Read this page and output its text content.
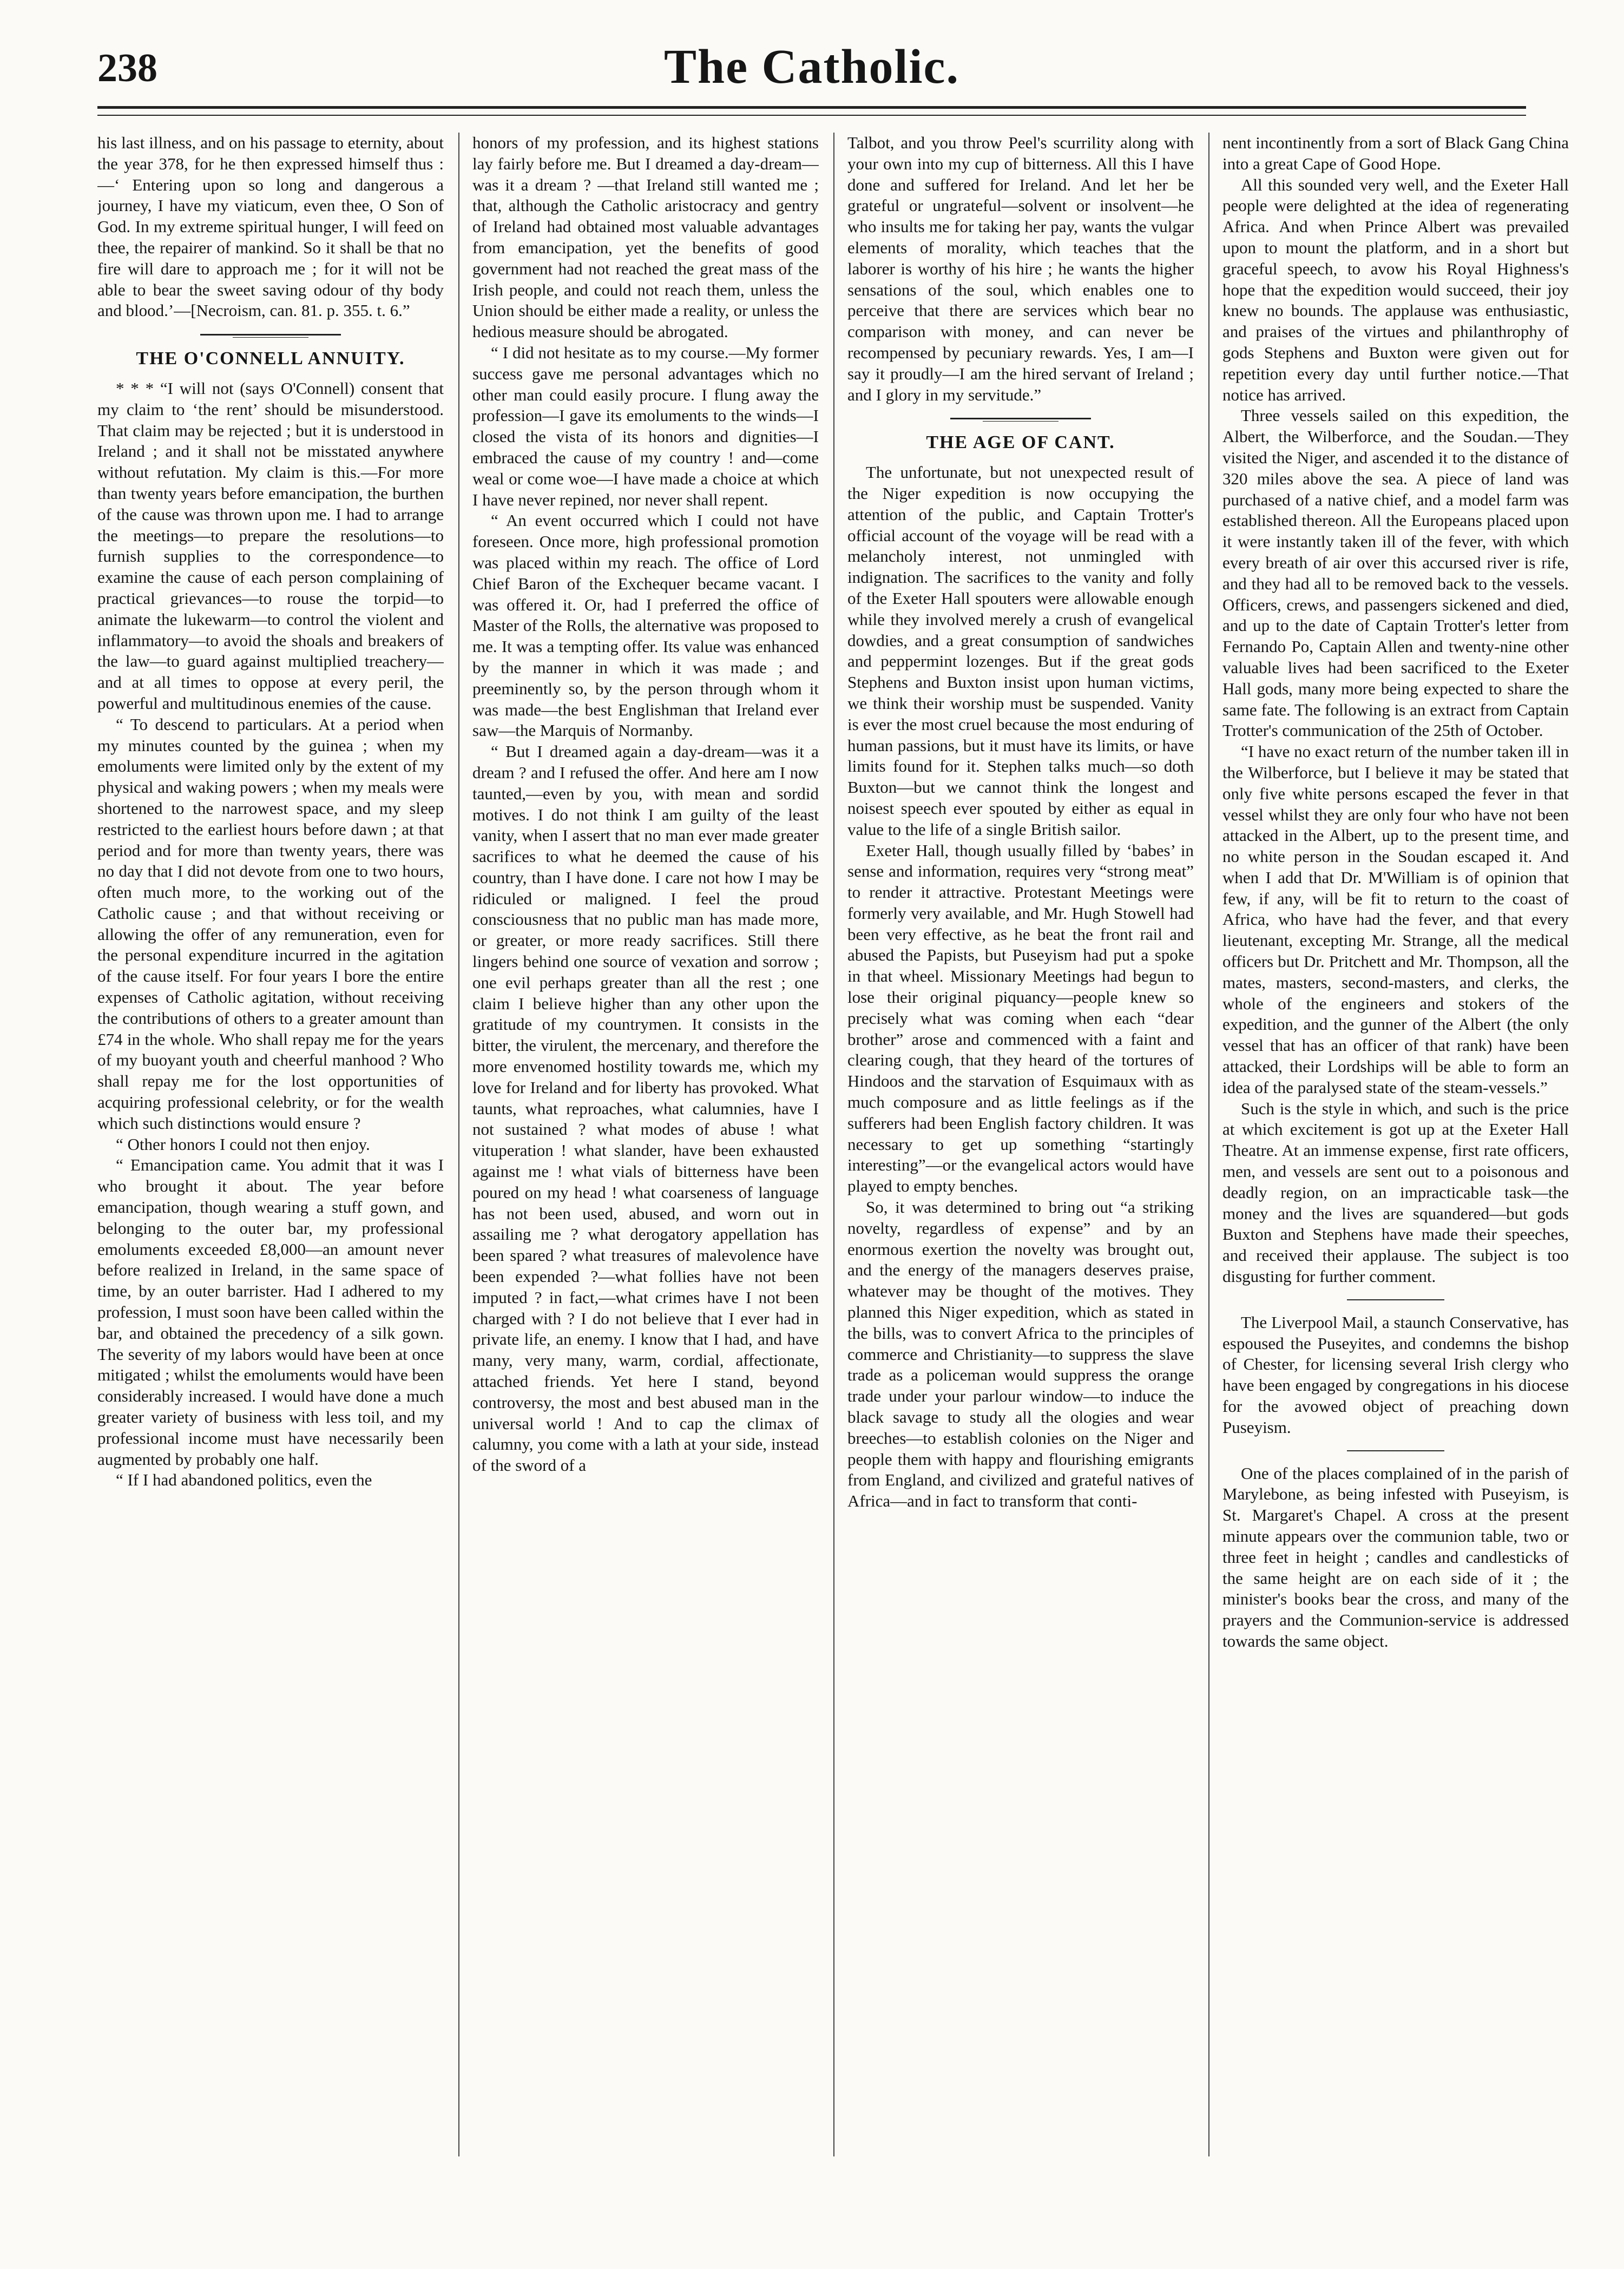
238	The Catholic.

his last illness, and on his passage to eternity, about the year 378, for he then expressed himself thus :—‘ Entering upon so long and dangerous a journey, I have my viaticum, even thee, O Son of God. In my extreme spiritual hunger, I will feed on thee, the repairer of mankind. So it shall be that no fire will dare to approach me ; for it will not be able to bear the sweet saving odour of thy body and blood.’—[Necroism, can. 81. p. 355. t. 6.”

THE O'CONNELL ANNUITY.

* * * “I will not (says O'Connell) consent that my claim to ‘the rent’ should be misunderstood. That claim may be rejected ; but it is understood in Ireland ; and it shall not be misstated anywhere without refutation. My claim is this.—For more than twenty years before emancipation, the burthen of the cause was thrown upon me. I had to arrange the meetings—to prepare the resolutions—to furnish supplies to the correspondence—to examine the cause of each person complaining of practical grievances—to rouse the torpid—to animate the lukewarm—to control the violent and inflammatory—to avoid the shoals and breakers of the law—to guard against multiplied treachery—and at all times to oppose at every peril, the powerful and multitudinous enemies of the cause.

“ To descend to particulars. At a period when my minutes counted by the guinea ; when my emoluments were limited only by the extent of my physical and waking powers ; when my meals were shortened to the narrowest space, and my sleep restricted to the earliest hours before dawn ; at that period and for more than twenty years, there was no day that I did not devote from one to two hours, often much more, to the working out of the Catholic cause ; and that without receiving or allowing the offer of any remuneration, even for the personal expenditure incurred in the agitation of the cause itself. For four years I bore the entire expenses of Catholic agitation, without receiving the contributions of others to a greater amount than £74 in the whole. Who shall repay me for the years of my buoyant youth and cheerful manhood ? Who shall repay me for the lost opportunities of acquiring professional celebrity, or for the wealth which such distinctions would ensure ?

“ Other honors I could not then enjoy.

“ Emancipation came. You admit that it was I who brought it about. The year before emancipation, though wearing a stuff gown, and belonging to the outer bar, my professional emoluments exceeded £8,000—an amount never before realized in Ireland, in the same space of time, by an outer barrister. Had I adhered to my profession, I must soon have been called within the bar, and obtained the precedency of a silk gown. The severity of my labors would have been at once mitigated ; whilst the emoluments would have been considerably increased. I would have done a much greater variety of business with less toil, and my professional income must have necessarily been augmented by probably one half.

“ If I had abandoned politics, even the

honors of my profession, and its highest stations lay fairly before me. But I dreamed a day-dream—was it a dream ? —that Ireland still wanted me ; that, although the Catholic aristocracy and gentry of Ireland had obtained most valuable advantages from emancipation, yet the benefits of good government had not reached the great mass of the Irish people, and could not reach them, unless the Union should be either made a reality, or unless the hedious measure should be abrogated.

“ I did not hesitate as to my course.—My former success gave me personal advantages which no other man could easily procure. I flung away the profession—I gave its emoluments to the winds—I closed the vista of its honors and dignities—I embraced the cause of my country ! and—come weal or come woe—I have made a choice at which I have never repined, nor never shall repent.

“ An event occurred which I could not have foreseen. Once more, high professional promotion was placed within my reach. The office of Lord Chief Baron of the Exchequer became vacant. I was offered it. Or, had I preferred the office of Master of the Rolls, the alternative was proposed to me. It was a tempting offer. Its value was enhanced by the manner in which it was made ; and preeminently so, by the person through whom it was made—the best Englishman that Ireland ever saw—the Marquis of Normanby.

“ But I dreamed again a day-dream—was it a dream ? and I refused the offer. And here am I now taunted,—even by you, with mean and sordid motives. I do not think I am guilty of the least vanity, when I assert that no man ever made greater sacrifices to what he deemed the cause of his country, than I have done. I care not how I may be ridiculed or maligned. I feel the proud consciousness that no public man has made more, or greater, or more ready sacrifices. Still there lingers behind one source of vexation and sorrow ; one evil perhaps greater than all the rest ; one claim I believe higher than any other upon the gratitude of my countrymen. It consists in the bitter, the virulent, the mercenary, and therefore the more envenomed hostility towards me, which my love for Ireland and for liberty has provoked. What taunts, what reproaches, what calumnies, have I not sustained ? what modes of abuse ! what vituperation ! what slander, have been exhausted against me ! what vials of bitterness have been poured on my head ! what coarseness of language has not been used, abused, and worn out in assailing me ? what derogatory appellation has been spared ? what treasures of malevolence have been expended ?—what follies have not been imputed ? in fact,—what crimes have I not been charged with ? I do not believe that I ever had in private life, an enemy. I know that I had, and have many, very many, warm, cordial, affectionate, attached friends. Yet here I stand, beyond controversy, the most and best abused man in the universal world ! And to cap the climax of calumny, you come with a lath at your side, instead of the sword of a

Talbot, and you throw Peel's scurrility along with your own into my cup of bitterness. All this I have done and suffered for Ireland. And let her be grateful or ungrateful—solvent or insolvent—he who insults me for taking her pay, wants the vulgar elements of morality, which teaches that the laborer is worthy of his hire ; he wants the higher sensations of the soul, which enables one to perceive that there are services which bear no comparison with money, and can never be recompensed by pecuniary rewards. Yes, I am—I say it proudly—I am the hired servant of Ireland ; and I glory in my servitude.”

THE AGE OF CANT.

The unfortunate, but not unexpected result of the Niger expedition is now occupying the attention of the public, and Captain Trotter's official account of the voyage will be read with a melancholy interest, not unmingled with indignation. The sacrifices to the vanity and folly of the Exeter Hall spouters were allowable enough while they involved merely a crush of evangelical dowdies, and a great consumption of sandwiches and peppermint lozenges. But if the great gods Stephens and Buxton insist upon human victims, we think their worship must be suspended. Vanity is ever the most cruel because the most enduring of human passions, but it must have its limits, or have limits found for it. Stephen talks much—so doth Buxton—but we cannot think the longest and noisest speech ever spouted by either as equal in value to the life of a single British sailor.

Exeter Hall, though usually filled by ‘babes’ in sense and information, requires very “strong meat” to render it attractive. Protestant Meetings were formerly very available, and Mr. Hugh Stowell had been very effective, as he beat the front rail and abused the Papists, but Puseyism had put a spoke in that wheel. Missionary Meetings had begun to lose their original piquancy—people knew so precisely what was coming when each “dear brother” arose and commenced with a faint and clearing cough, that they heard of the tortures of Hindoos and the starvation of Esquimaux with as much composure and as little feelings as if the sufferers had been English factory children. It was necessary to get up something “startingly interesting”—or the evangelical actors would have played to empty benches.

So, it was determined to bring out “a striking novelty, regardless of expense” and by an enormous exertion the novelty was brought out, and the energy of the managers deserves praise, whatever may be thought of the motives. They planned this Niger expedition, which as stated in the bills, was to convert Africa to the principles of commerce and Christianity—to suppress the slave trade as a policeman would suppress the orange trade under your parlour window—to induce the black savage to study all the ologies and wear breeches—to establish colonies on the Niger and people them with happy and flourishing emigrants from England, and civilized and grateful natives of Africa—and in fact to transform that conti-

nent incontinently from a sort of Black Gang China into a great Cape of Good Hope.

All this sounded very well, and the Exeter Hall people were delighted at the idea of regenerating Africa. And when Prince Albert was prevailed upon to mount the platform, and in a short but graceful speech, to avow his Royal Highness's hope that the expedition would succeed, their joy knew no bounds. The applause was enthusiastic, and praises of the virtues and philanthrophy of gods Stephens and Buxton were given out for repetition every day until further notice.—That notice has arrived.

Three vessels sailed on this expedition, the Albert, the Wilberforce, and the Soudan.—They visited the Niger, and ascended it to the distance of 320 miles above the sea. A piece of land was purchased of a native chief, and a model farm was established thereon. All the Europeans placed upon it were instantly taken ill of the fever, with which every breath of air over this accursed river is rife, and they had all to be removed back to the vessels. Officers, crews, and passengers sickened and died, and up to the date of Captain Trotter's letter from Fernando Po, Captain Allen and twenty-nine other valuable lives had been sacrificed to the Exeter Hall gods, many more being expected to share the same fate. The following is an extract from Captain Trotter's communication of the 25th of October.

“I have no exact return of the number taken ill in the Wilberforce, but I believe it may be stated that only five white persons escaped the fever in that vessel whilst they are only four who have not been attacked in the Albert, up to the present time, and no white person in the Soudan escaped it. And when I add that Dr. M'William is of opinion that few, if any, will be fit to return to the coast of Africa, who have had the fever, and that every lieutenant, excepting Mr. Strange, all the medical officers but Dr. Pritchett and Mr. Thompson, all the mates, masters, second-masters, and clerks, the whole of the engineers and stokers of the expedition, and the gunner of the Albert (the only vessel that has an officer of that rank) have been attacked, their Lordships will be able to form an idea of the paralysed state of the steam-vessels.”

Such is the style in which, and such is the price at which excitement is got up at the Exeter Hall Theatre. At an immense expense, first rate officers, men, and vessels are sent out to a poisonous and deadly region, on an impracticable task—the money and the lives are squandered—but gods Buxton and Stephens have made their speeches, and received their applause. The subject is too disgusting for further comment.

The Liverpool Mail, a staunch Conservative, has espoused the Puseyites, and condemns the bishop of Chester, for licensing several Irish clergy who have been engaged by congregations in his diocese for the avowed object of preaching down Puseyism.

One of the places complained of in the parish of Marylebone, as being infested with Puseyism, is St. Margaret's Chapel. A cross at the present minute appears over the communion table, two or three feet in height ; candles and candlesticks of the same height are on each side of it ; the minister's books bear the cross, and many of the prayers and the Communion-service is addressed towards the same object.
